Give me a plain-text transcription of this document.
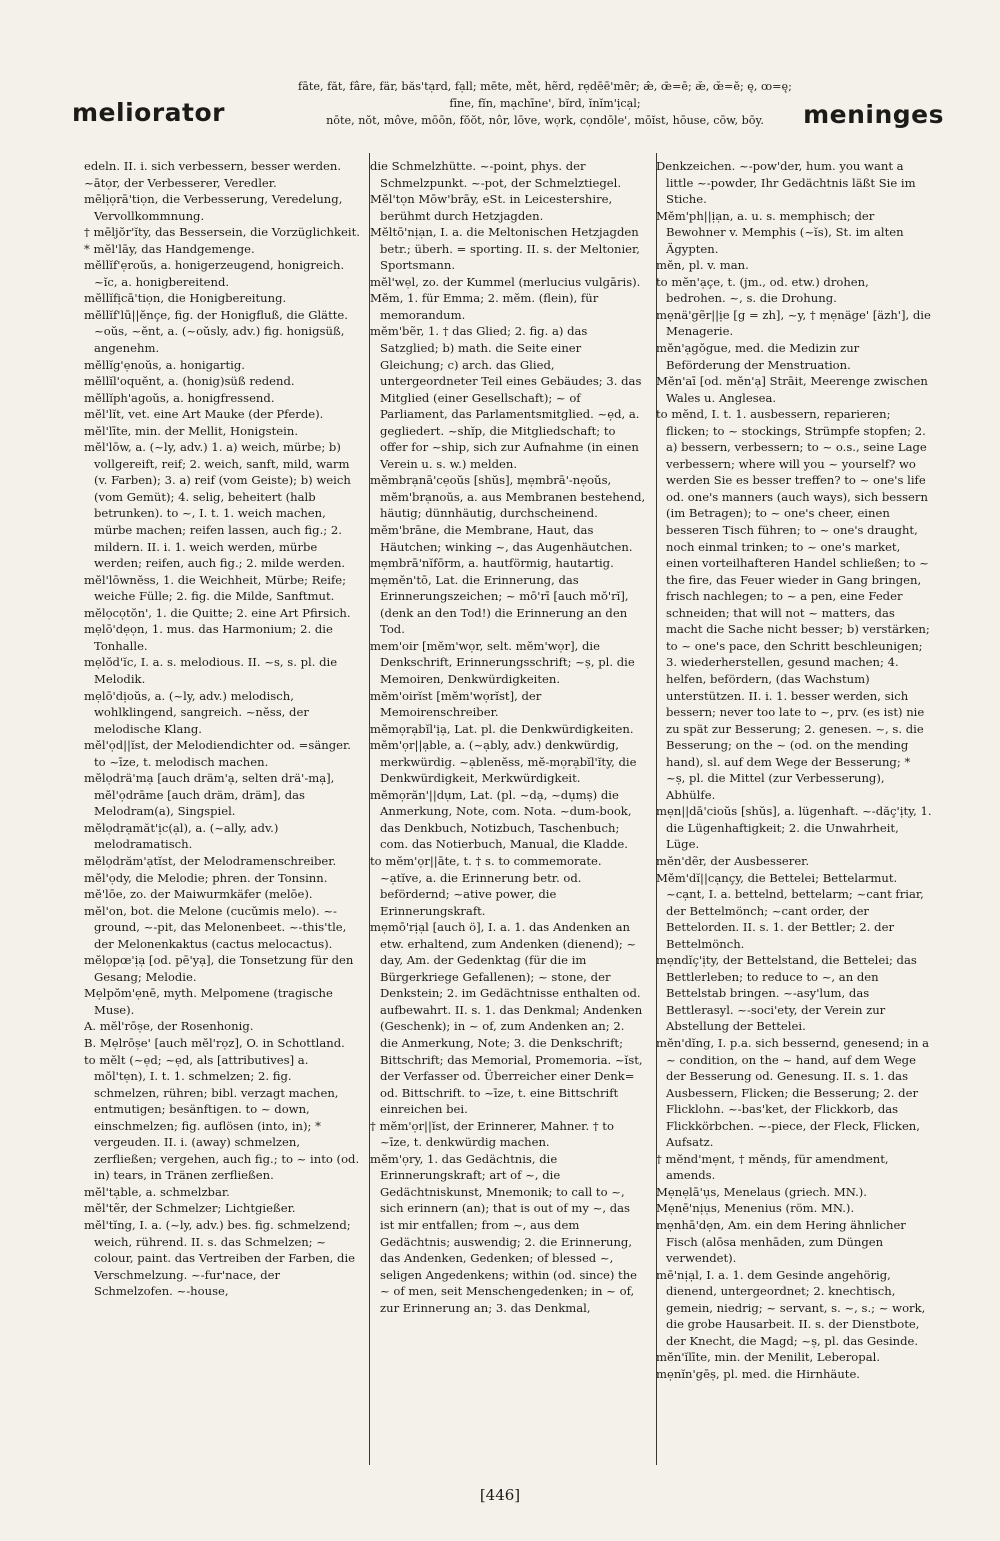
meliorator
fāte, făt, fâre, fär, băs'tạrd, fạll; mēte, mět, hẽrd, rẹdēē'mẽr; æ̂, œ̄=ē; æ̆, œ̆=ĕ; ę, ꝏ=ę;
fīne, fĭn, mạchīne', bĭrd, ĭnĭm'ịcạl;
nōte, nŏt, môve, mōōn, fŏŏt, nôr, lōve, wọrk, cọndōle', mōĭst, hōuse, cōw, bōy.	meninges

edeln. II. i. sich verbessern, besser werden.

~ātọr, der Verbesserer, Veredler.

mēlịọrā'tiọn, die Verbesserung, Veredelung, Vervollkommnung.

† mēljŏr'ĭty, das Bessersein, die Vorzüglichkeit.

* mĕl'lāy, das Handgemenge.

mĕllĭf'ẹroŭs, a. honigerzeugend, honigreich. ~ĭc, a. honigbereitend.

mĕllĭfịcā'tiọn, die Honigbereitung.

mĕllĭf'lū||ĕnçe, fig. der Honigfluß, die Glätte. ~oŭs, ~ĕnt, a. (~oŭsly, adv.) fig. honigsüß, angenehm.

mĕllĭg'ẹnoŭs, a. honigartig.

mĕllĭl'oquĕnt, a. (honig)süß redend.

mĕllĭph'agoŭs, a. honigfressend.

mĕl'lĭt, vet. eine Art Mauke (der Pferde).

mĕl'līte, min. der Mellit, Honigstein.

mĕl'lōw, a. (~ly, adv.) 1. a) weich, mürbe; b) vollgereift, reif; 2. weich, sanft, mild, warm (v. Farben); 3. a) reif (vom Geiste); b) weich (vom Gemüt); 4. selig, beheitert (halb betrunken). to ~, I. t. 1. weich machen, mürbe machen; reifen lassen, auch fig.; 2. mildern. II. i. 1. weich werden, mürbe werden; reifen, auch fig.; 2. milde werden.

mĕl'lōwnĕss, 1. die Weichheit, Mürbe; Reife; weiche Fülle; 2. fig. die Milde, Sanftmut.

mĕlọcọtŏn', 1. die Quitte; 2. eine Art Pfirsich.

mẹlō'dẹọn, 1. mus. das Harmonium; 2. die Tonhalle.

mẹlŏd'ĭc, I. a. s. melodious. II. ~s, s. pl. die Melodik.

mẹlō'dịoŭs, a. (~ly, adv.) melodisch, wohlklingend, sangreich. ~nĕss, der melodische Klang.

mĕl'ọd||ĭst, der Melodiendichter od. =sänger. to ~īze, t. melodisch machen.

mĕlọdrä'mạ [auch dräm'ạ, selten drä'-mạ], mĕl'ọdrāme [auch dräm, dräm], das Melodram(a), Singspiel.

mĕlọdrạmăt'ịc(ạl), a. (~ally, adv.) melodramatisch.

mĕlọdrăm'ạtĭst, der Melodramenschreiber.

mĕl'ọdy, die Melodie; phren. der Tonsinn.

mĕ'lōe, zo. der Maiwurmkäfer (melōe).

mĕl'on, bot. die Melone (cucŭmis melo). ~-ground, ~-pit, das Melonenbeet. ~-this'tle, der Melonenkaktus (cactus melocactus).

mĕlọpœ'ịạ [od. pē'yạ], die Tonsetzung für den Gesang; Melodie.

Mẹlpŏm'ẹnē, myth. Melpomene (tragische Muse).

A. mĕl'rōṣe, der Rosenhonig.

B. Mẹlrōṣe' [auch mĕl'rọz], O. in Schottland.

to mĕlt (~ẹd; ~ẹd, als [attributives] a. mŏl'tẹn), I. t. 1. schmelzen; 2. fig. schmelzen, rühren; bibl. verzagt machen, entmutigen; besänftigen. to ~ down, einschmelzen; fig. auflösen (into, in); * vergeuden. II. i. (away) schmelzen, zerfließen; vergehen, auch fig.; to ~ into (od. in) tears, in Tränen zerfließen.

mĕl'tạble, a. schmelzbar.

mĕl'tẽr, der Schmelzer; Lichtgießer.

mĕl'tĭng, I. a. (~ly, adv.) bes. fig. schmelzend; weich, rührend. II. s. das Schmelzen; ~ colour, paint. das Vertreiben der Farben, die Verschmelzung. ~-fur'nace, der Schmelzofen. ~-house,

die Schmelzhütte. ~-point, phys. der Schmelzpunkt. ~-pot, der Schmelztiegel.

Mĕl'tọn Mōw'brāy, eSt. in Leicestershire, berühmt durch Hetzjagden.

Mĕltō'nịạn, I. a. die Meltonischen Hetzjagden betr.; überh. = sporting. II. s. der Meltonier, Sportsmann.

mĕl'wẹl, zo. der Kummel (merlucius vulgāris).

Mĕm, 1. für Emma; 2. mĕm. (flein), für memorandum.

mĕm'bẽr, 1. † das Glied; 2. fig. a) das Satzglied; b) math. die Seite einer Gleichung; c) arch. das Glied, untergeordneter Teil eines Gebäudes; 3. das Mitglied (einer Gesellschaft); ~ of Parliament, das Parlamentsmitglied. ~ẹd, a. gegliedert. ~shĭp, die Mitgliedschaft; to offer for ~ship, sich zur Aufnahme (in einen Verein u. s. w.) melden.

mĕmbrạnā'cẹoŭs [shŭs], mẹmbrā'-nẹoŭs, mĕm'brạnoŭs, a. aus Membranen bestehend, häutig; dünnhäutig, durchscheinend.

mĕm'brāne, die Membrane, Haut, das Häutchen; winking ~, das Augenhäutchen.

mẹmbrā'nĭfōrm, a. hautförmig, hautartig.

mẹmĕn'tō, Lat. die Erinnerung, das Erinnerungszeichen; ~ mō'rī [auch mŏ'rĭ], (denk an den Tod!) die Erinnerung an den Tod.

mem'oir [mĕm'wọr, selt. mĕm'wọr], die Denkschrift, Erinnerungsschrift; ~ṣ, pl. die Memoiren, Denkwürdigkeiten.

mĕm'oirĭst [mĕm'wọrĭst], der Memoirenschreiber.

mĕmọrạbĭl'ịạ, Lat. pl. die Denkwürdigkeiten.

mĕm'ọr||ạble, a. (~ạbly, adv.) denkwürdig, merkwürdig. ~ạblenĕss, mĕ-mọrạbĭl'ĭty, die Denkwürdigkeit, Merkwürdigkeit.

mĕmọrăn'||dụm, Lat. (pl. ~dạ, ~dụmṣ) die Anmerkung, Note, com. Nota. ~dum-book, das Denkbuch, Notizbuch, Taschenbuch; com. das Notierbuch, Manual, die Kladde.

to mĕm'ọr||āte, t. † s. to commemorate. ~ạtĭve, a. die Erinnerung betr. od. befördernd; ~ative power, die Erinnerungskraft.

mẹmō'rịạl [auch ö], I. a. 1. das Andenken an etw. erhaltend, zum Andenken (dienend); ~ day, Am. der Gedenktag (für die im Bürgerkriege Gefallenen); ~ stone, der Denkstein; 2. im Gedächtnisse enthalten od. aufbewahrt. II. s. 1. das Denkmal; Andenken (Geschenk); in ~ of, zum Andenken an; 2. die Anmerkung, Note; 3. die Denkschrift; Bittschrift; das Memorial, Promemoria. ~ĭst, der Verfasser od. Überreicher einer Denk= od. Bittschrift. to ~īze, t. eine Bittschrift einreichen bei.

† mĕm'ọr||ĭst, der Erinnerer, Mahner. † to ~īze, t. denkwürdig machen.

mĕm'ọry, 1. das Gedächtnis, die Erinnerungskraft; art of ~, die Gedächtniskunst, Mnemonik; to call to ~, sich erinnern (an); that is out of my ~, das ist mir entfallen; from ~, aus dem Gedächtnis; auswendig; 2. die Erinnerung, das Andenken, Gedenken; of blessed ~, seligen Angedenkens; within (od. since) the ~ of men, seit Menschengedenken; in ~ of, zur Erinnerung an; 3. das Denkmal,

Denkzeichen. ~-pow'der, hum. you want a little ~-powder, Ihr Gedächtnis läßt Sie im Stiche.

Mĕm'ph||ịạn, a. u. s. memphisch; der Bewohner v. Memphis (~ĭs), St. im alten Ägypten.

mĕn, pl. v. man.

to mĕn'ạçe, t. (jm., od. etw.) drohen, bedrohen. ~, s. die Drohung.

mẹnä'gẽr||ịe [g = zh], ~y, † mẹnäge' [äzh'], die Menagerie.

mĕn'ạgŏgue, med. die Medizin zur Beförderung der Menstruation.

Mĕn'aī [od. mĕn'ạ] Strāit, Meerenge zwischen Wales u. Anglesea.

to mĕnd, I. t. 1. ausbessern, reparieren; flicken; to ~ stockings, Strümpfe stopfen; 2. a) bessern, verbessern; to ~ o.s., seine Lage verbessern; where will you ~ yourself? wo werden Sie es besser treffen? to ~ one's life od. one's manners (auch ways), sich bessern (im Betragen); to ~ one's cheer, einen besseren Tisch führen; to ~ one's draught, noch einmal trinken; to ~ one's market, einen vorteilhafteren Handel schließen; to ~ the fire, das Feuer wieder in Gang bringen, frisch nachlegen; to ~ a pen, eine Feder schneiden; that will not ~ matters, das macht die Sache nicht besser; b) verstärken; to ~ one's pace, den Schritt beschleunigen; 3. wiederherstellen, gesund machen; 4. helfen, befördern, (das Wachstum) unterstützen. II. i. 1. besser werden, sich bessern; never too late to ~, prv. (es ist) nie zu spät zur Besserung; 2. genesen. ~, s. die Besserung; on the ~ (od. on the mending hand), sl. auf dem Wege der Besserung; * ~ṣ, pl. die Mittel (zur Verbesserung), Abhülfe.

mẹn||dā'cioŭs [shŭs], a. lügenhaft. ~-dăç'ịty, 1. die Lügenhaftigkeit; 2. die Unwahrheit, Lüge.

mĕn'dẽr, der Ausbesserer.

Mĕm'dĭ||cạnçy, die Bettelei; Bettelarmut. ~cạnt, I. a. bettelnd, bettelarm; ~cant friar, der Bettelmönch; ~cant order, der Bettelorden. II. s. 1. der Bettler; 2. der Bettelmönch.

mẹndĭç'ịty, der Bettelstand, die Bettelei; das Bettlerleben; to reduce to ~, an den Bettelstab bringen. ~-asy'lum, das Bettlerasyl. ~-soci'ety, der Verein zur Abstellung der Bettelei.

mĕn'dĭng, I. p.a. sich bessernd, genesend; in a ~ condition, on the ~ hand, auf dem Wege der Besserung od. Genesung. II. s. 1. das Ausbessern, Flicken; die Besserung; 2. der Flicklohn. ~-bas'ket, der Flickkorb, das Flickkörbchen. ~-piece, der Fleck, Flicken, Aufsatz.

† mĕnd'mẹnt, † mĕndṣ, für amendment, amends.

Mẹnẹlā'ụs, Menelaus (griech. MN.).

Mẹnē'nịụs, Menenius (röm. MN.).

mẹnhā'dẹn, Am. ein dem Hering ähnlicher Fisch (alōsa menhāden, zum Düngen verwendet).

mē'nịạl, I. a. 1. dem Gesinde angehörig, dienend, untergeordnet; 2. knechtisch, gemein, niedrig; ~ servant, s. ~, s.; ~ work, die grobe Hausarbeit. II. s. der Dienstbote, der Knecht, die Magd; ~ṣ, pl. das Gesinde.

mĕn'ĭlīte, min. der Menilit, Leberopal.

mẹnĭn'gēṣ, pl. med. die Hirnhäute.

[446]
